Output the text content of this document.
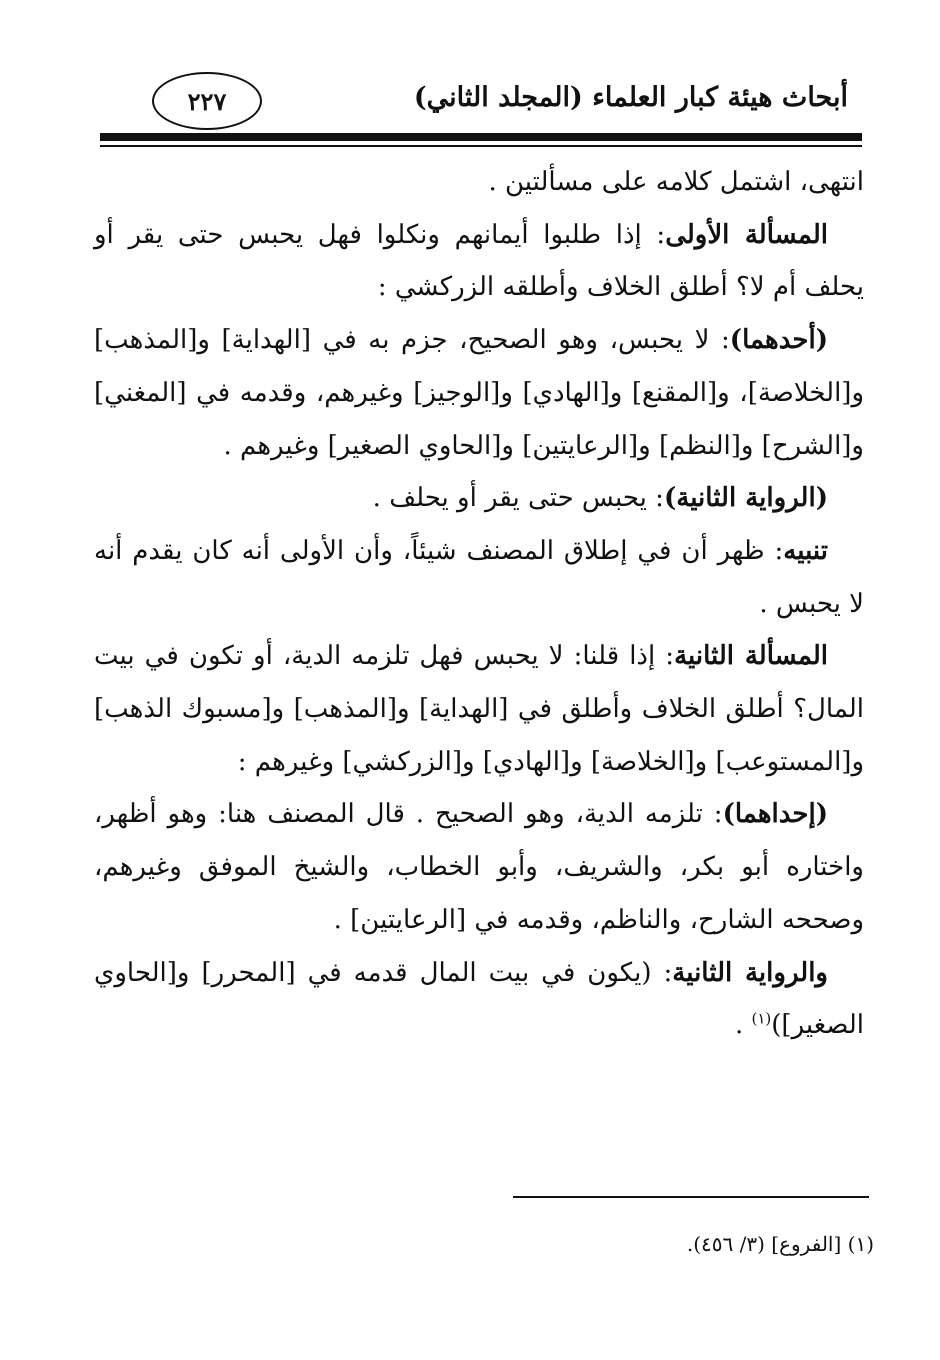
أبحاث هيئة كبار العلماء (المجلد الثاني)
٢٢٧

انتهى، اشتمل كلامه على مسألتين .

المسألة الأولى: إذا طلبوا أيمانهم ونكلوا فهل يحبس حتى يقر أو يحلف أم لا؟ أطلق الخلاف وأطلقه الزركشي :

(أحدهما): لا يحبس، وهو الصحيح، جزم به في [الهداية] و[المذهب] و[الخلاصة]، و[المقنع] و[الهادي] و[الوجيز] وغيرهم، وقدمه في [المغني] و[الشرح] و[النظم] و[الرعايتين] و[الحاوي الصغير] وغيرهم .

(الرواية الثانية): يحبس حتى يقر أو يحلف .

تنبيه: ظهر أن في إطلاق المصنف شيئاً، وأن الأولى أنه كان يقدم أنه لا يحبس .

المسألة الثانية: إذا قلنا: لا يحبس فهل تلزمه الدية، أو تكون في بيت المال؟ أطلق الخلاف وأطلق في [الهداية] و[المذهب] و[مسبوك الذهب] و[المستوعب] و[الخلاصة] و[الهادي] و[الزركشي] وغيرهم :

(إحداهما): تلزمه الدية، وهو الصحيح . قال المصنف هنا: وهو أظهر، واختاره أبو بكر، والشريف، وأبو الخطاب، والشيخ الموفق وغيرهم، وصححه الشارح، والناظم، وقدمه في [الرعايتين] .

والرواية الثانية: (يكون في بيت المال قدمه في [المحرر] و[الحاوي الصغير])$^{(١)}$ .

(١) [الفروع] (٣/ ٤٥٦).
